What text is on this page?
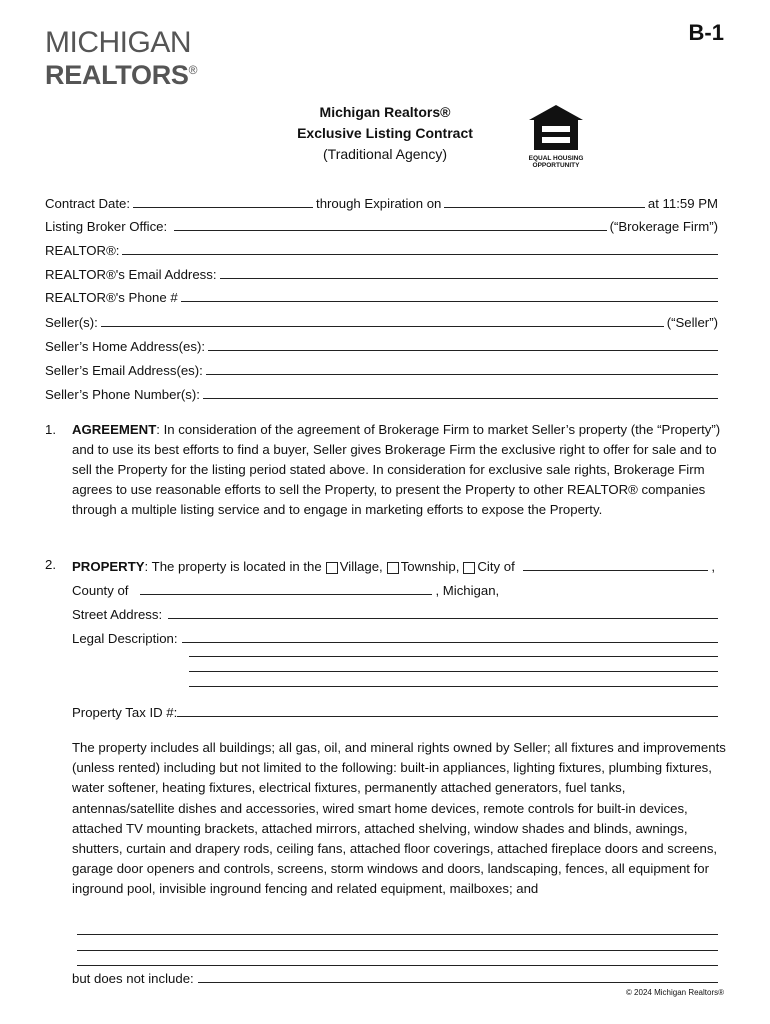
MICHIGAN
REALTORS®
B-1
Michigan Realtors®
Exclusive Listing Contract
(Traditional Agency)	EQUAL HOUSING
OPPORTUNITY
Contract Date:	through Expiration on	at 11:59 PM
Listing Broker Office:	(“Brokerage Firm”)
REALTOR®:
REALTOR®'s Email Address:
REALTOR®'s Phone #
Seller(s):	(“Seller”)
Seller’s Home Address(es):
Seller’s Email Address(es):
Seller’s Phone Number(s):
1. AGREEMENT: In consideration of the agreement of Brokerage Firm to market Seller’s property (the “Property”) and to use its best efforts to find a buyer, Seller gives Brokerage Firm the exclusive right to offer for sale and to sell the Property for the listing period stated above. In consideration for exclusive sale rights, Brokerage Firm agrees to use reasonable efforts to sell the Property, to present the Property to other REALTOR® companies through a multiple listing service and to engage in marketing efforts to expose the Property.
2. PROPERTY : The property is located in the Village, Township, City of	,
County of	, Michigan,
Street Address:
Legal Description:
Property Tax ID #:
The property includes all buildings; all gas, oil, and mineral rights owned by Seller; all fixtures and improvements (unless rented) including but not limited to the following: built-in appliances, lighting fixtures, plumbing fixtures, water softener, heating fixtures, electrical fixtures, permanently attached generators, fuel tanks, antennas/satellite dishes and accessories, wired smart home devices, remote controls for built-in devices, attached TV mounting brackets, attached mirrors, attached shelving, window shades and blinds, awnings, shutters, curtain and drapery rods, ceiling fans, attached floor coverings, attached fireplace doors and screens, garage door openers and controls, screens, storm windows and doors, landscaping, fences, all equipment for inground pool, invisible inground fencing and related equipment, mailboxes; and
but does not include:
© 2024 Michigan Realtors®
